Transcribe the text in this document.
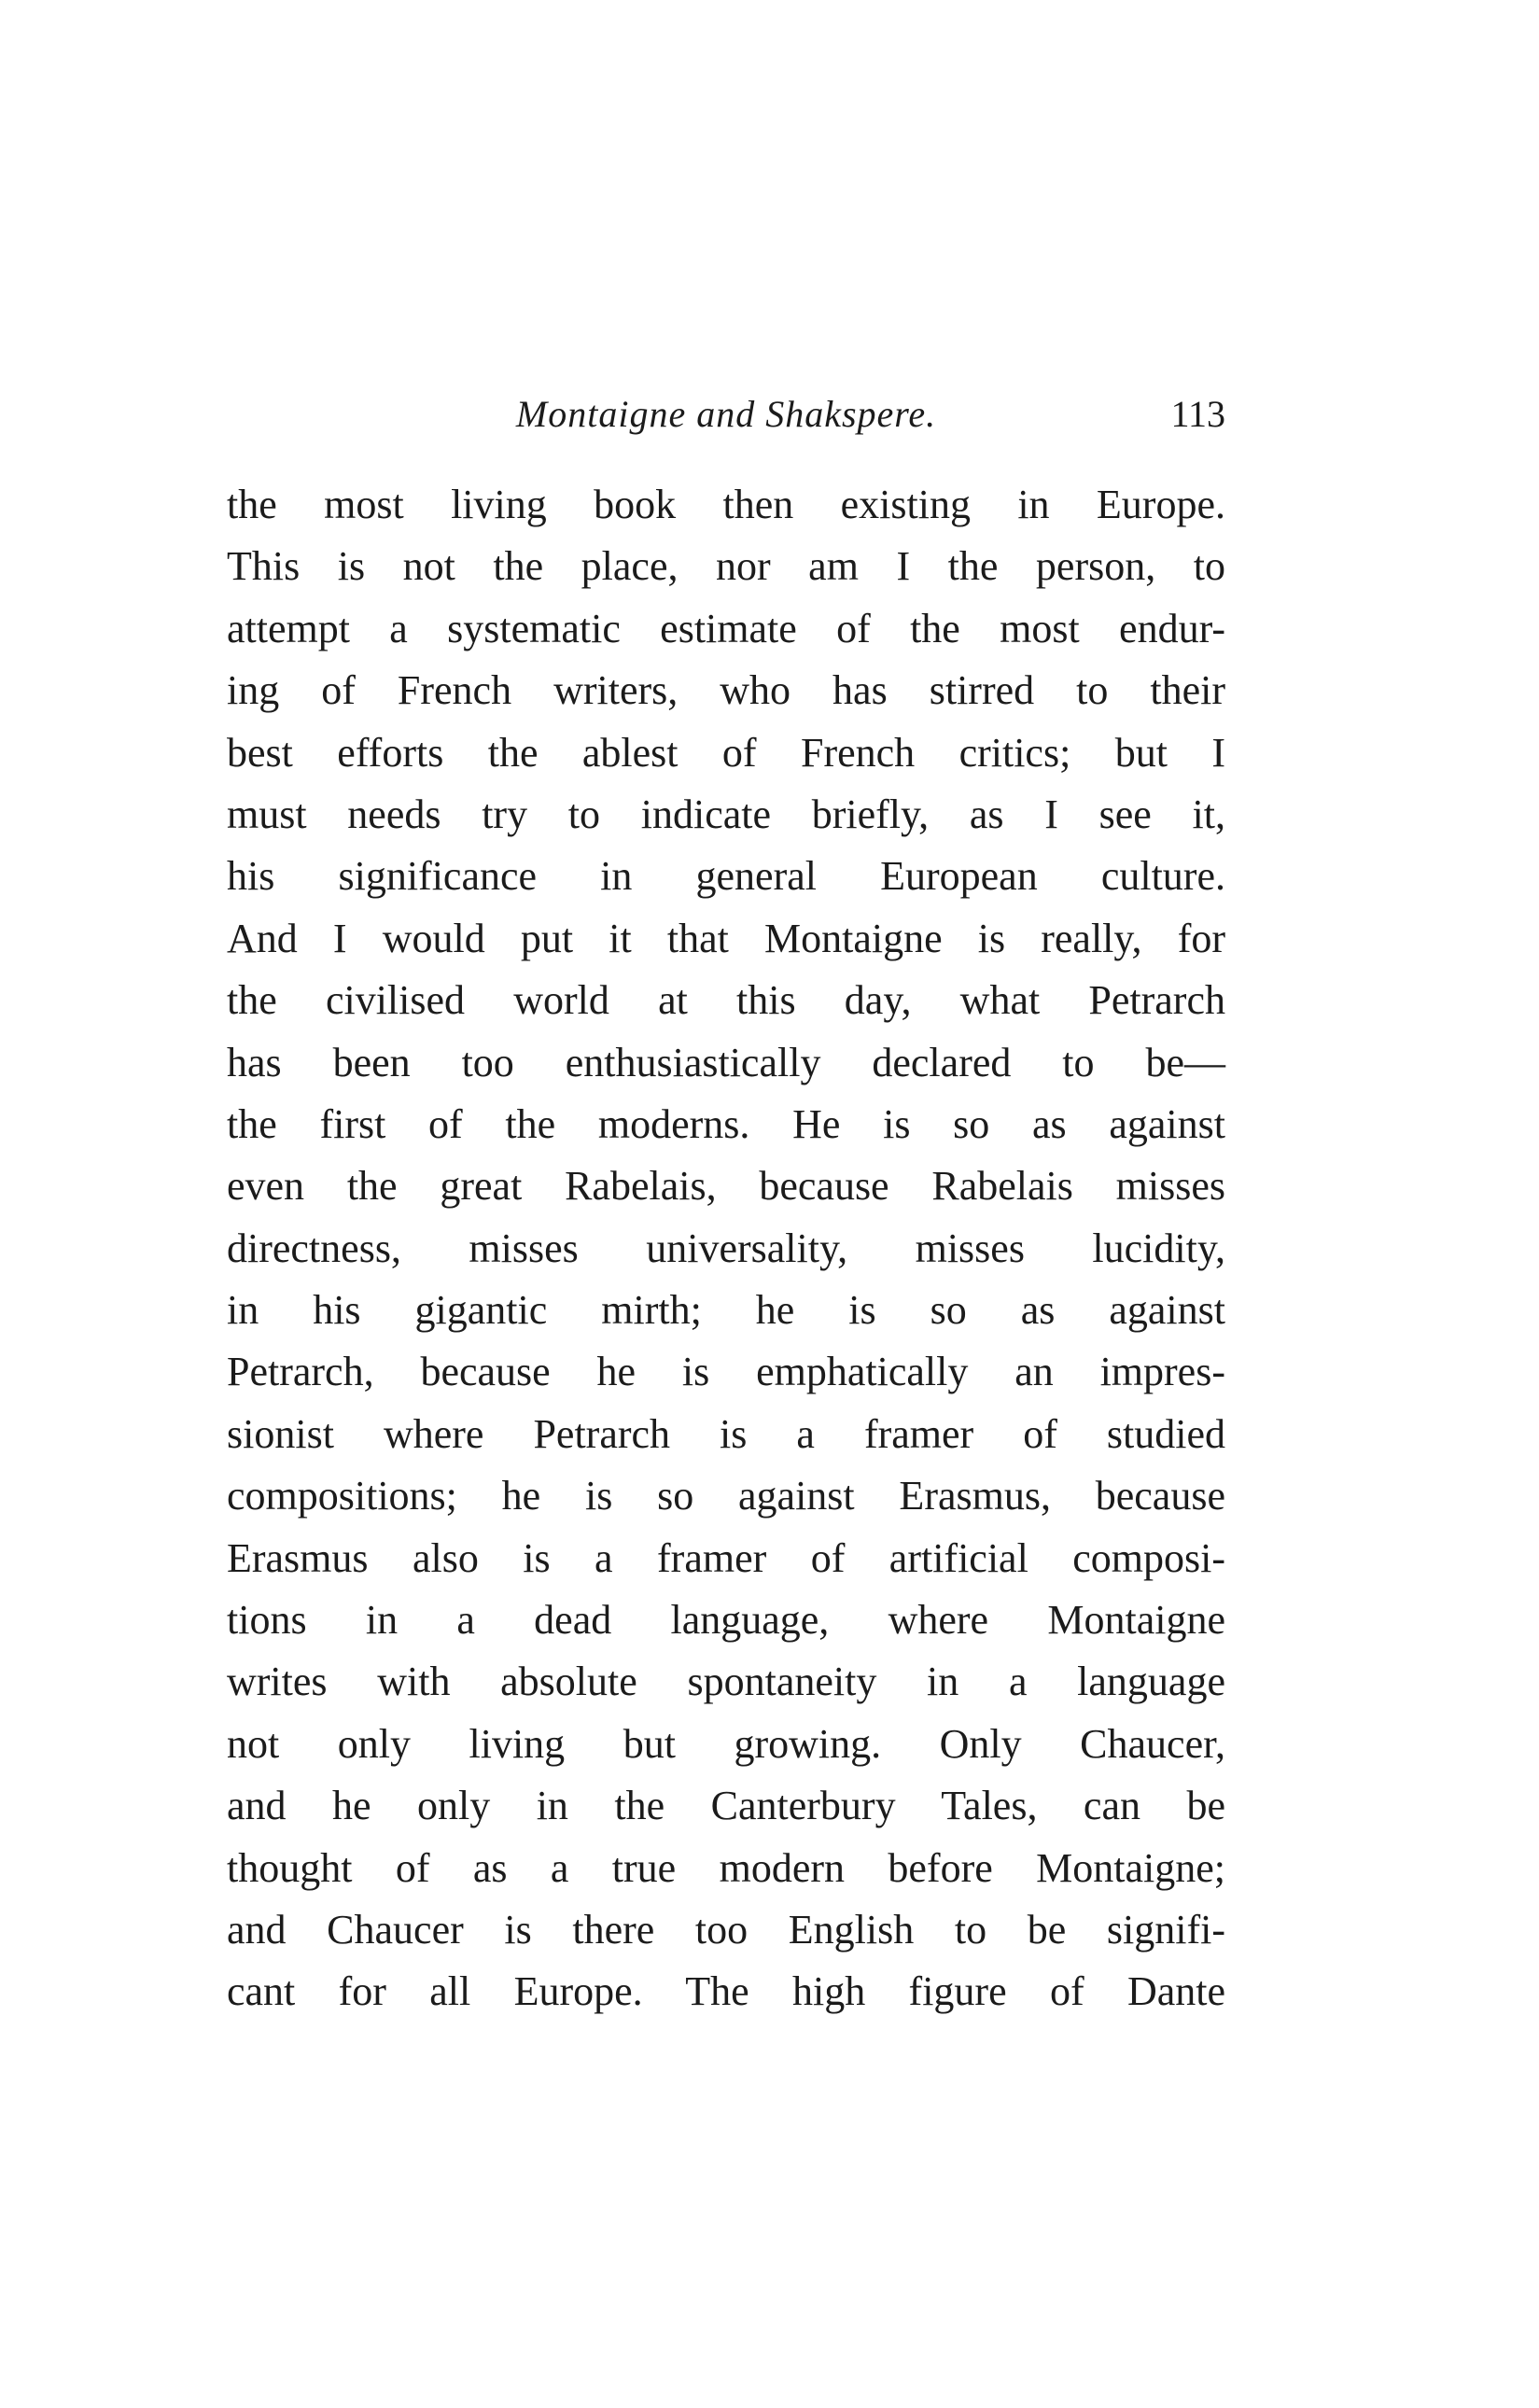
Montaigne and Shakspere.	113
the most living book then existing in Europe.
This is not the place, nor am I the person, to
attempt a systematic estimate of the most endur-
ing of French writers, who has stirred to their
best efforts the ablest of French critics; but I
must needs try to indicate briefly, as I see it,
his significance in general European culture.
And I would put it that Montaigne is really, for
the civilised world at this day, what Petrarch
has been too enthusiastically declared to be—
the first of the moderns. He is so as against
even the great Rabelais, because Rabelais misses
directness, misses universality, misses lucidity,
in his gigantic mirth; he is so as against
Petrarch, because he is emphatically an impres-
sionist where Petrarch is a framer of studied
compositions; he is so against Erasmus, because
Erasmus also is a framer of artificial composi-
tions in a dead language, where Montaigne
writes with absolute spontaneity in a language
not only living but growing. Only Chaucer,
and he only in the Canterbury Tales, can be
thought of as a true modern before Montaigne;
and Chaucer is there too English to be signifi-
cant for all Europe. The high figure of Dante
